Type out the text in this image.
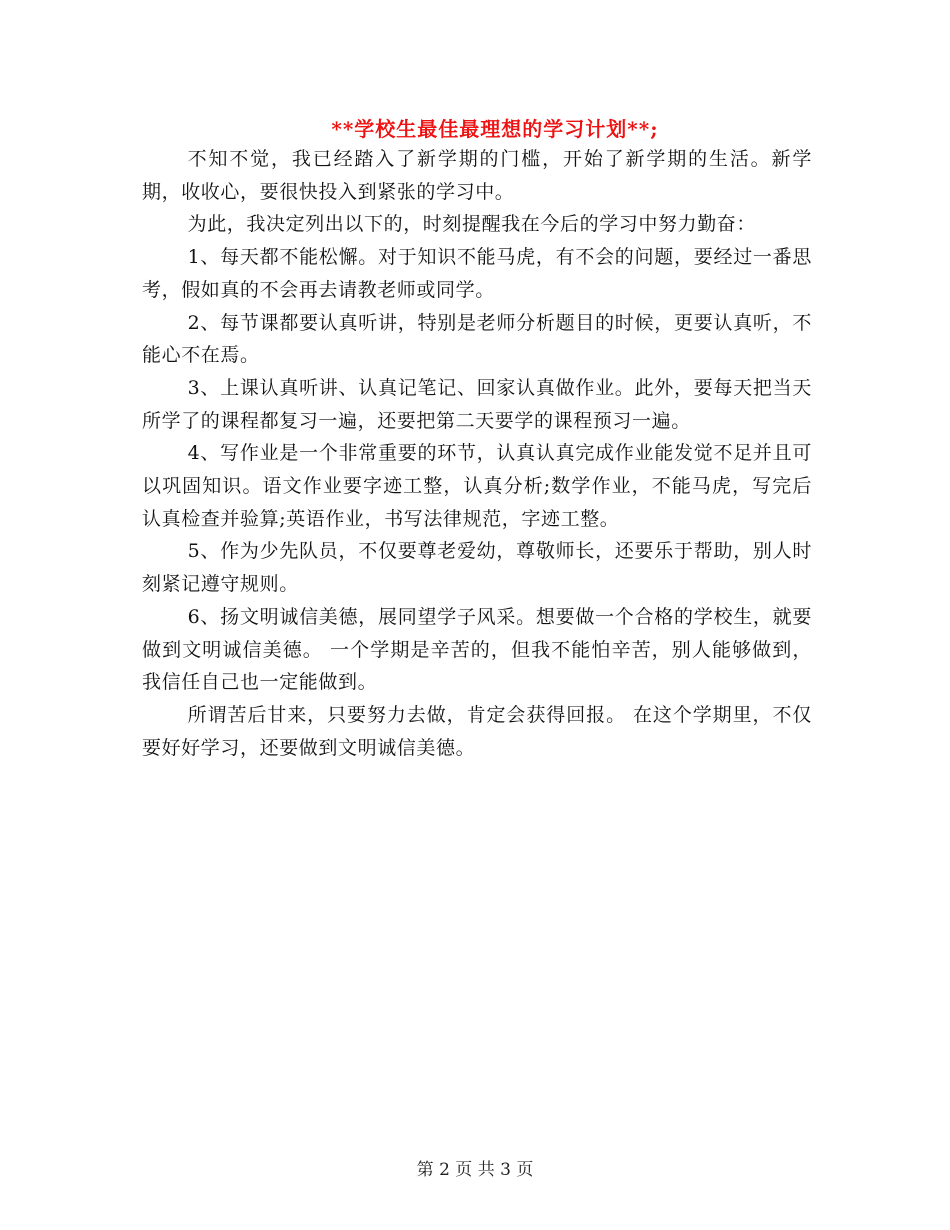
**学校生最佳最理想的学习计划**;

不知不觉，我已经踏入了新学期的门槛，开始了新学期的生活。新学期，收收心，要很快投入到紧张的学习中。

为此，我决定列出以下的，时刻提醒我在今后的学习中努力勤奋：

1、每天都不能松懈。对于知识不能马虎，有不会的问题，要经过一番思考，假如真的不会再去请教老师或同学。

2、每节课都要认真听讲，特别是老师分析题目的时候，更要认真听，不能心不在焉。

3、上课认真听讲、认真记笔记、回家认真做作业。此外，要每天把当天所学了的课程都复习一遍，还要把第二天要学的课程预习一遍。

4、写作业是一个非常重要的环节，认真认真完成作业能发觉不足并且可以巩固知识。语文作业要字迹工整，认真分析;数学作业，不能马虎，写完后认真检查并验算;英语作业，书写法律规范，字迹工整。

5、作为少先队员，不仅要尊老爱幼，尊敬师长，还要乐于帮助，别人时刻紧记遵守规则。

6、扬文明诚信美德，展同望学子风采。想要做一个合格的学校生，就要做到文明诚信美德。 一个学期是辛苦的，但我不能怕辛苦，别人能够做到，我信任自己也一定能做到。

所谓苦后甘来，只要努力去做，肯定会获得回报。 在这个学期里，不仅要好好学习，还要做到文明诚信美德。

第 2 页 共 3 页
